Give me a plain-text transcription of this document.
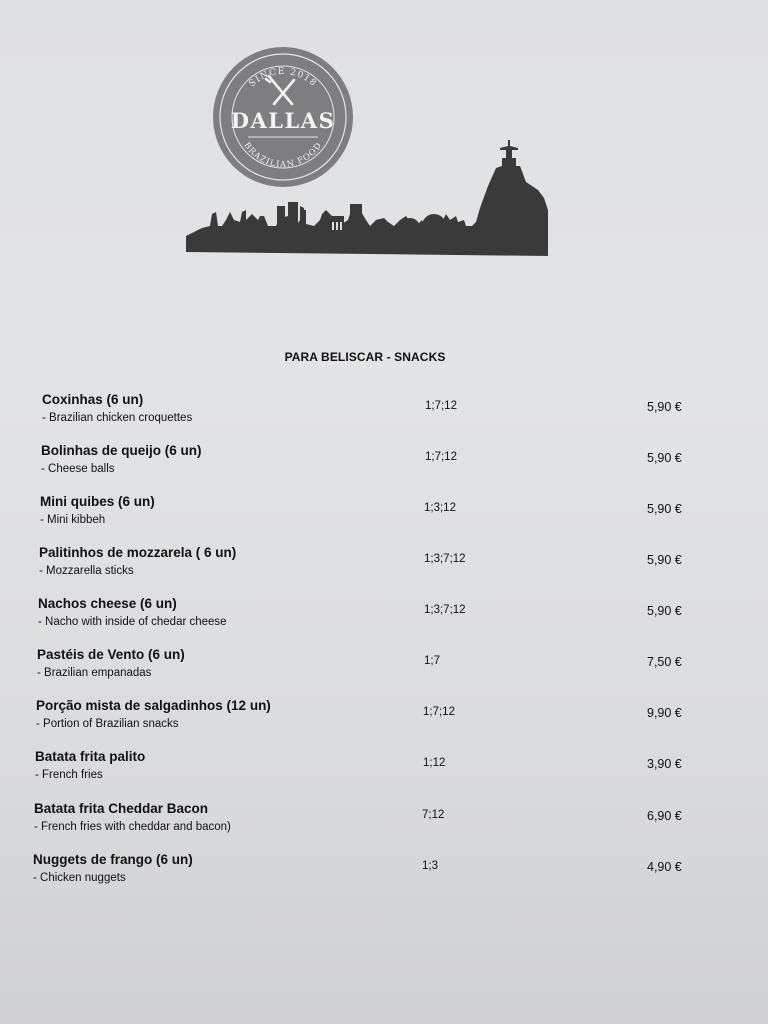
SINCE 2018
BRAZILIAN FOOD
DALLAS
PARA BELISCAR - SNACKS
Coxinhas (6 un)
- Brazilian chicken croquettes
1;7;12	5,90 €
Bolinhas de queijo (6 un)
- Cheese balls
1;7;12	5,90 €
Mini quibes (6 un)
- Mini kibbeh
1;3;12	5,90 €
Palitinhos de mozzarela ( 6 un)
- Mozzarella sticks
1;3;7;12	5,90 €
Nachos cheese (6 un)
- Nacho with inside of chedar cheese
1;3;7;12	5,90 €
Pastéis de Vento (6 un)
- Brazilian empanadas
1;7	7,50 €
Porção mista de salgadinhos (12 un)
- Portion of Brazilian snacks
1;7;12	9,90 €
Batata frita palito
- French fries
1;12	3,90 €
Batata frita Cheddar Bacon
- French fries with cheddar and bacon)
7;12	6,90 €
Nuggets de frango (6 un)
- Chicken nuggets
1;3	4,90 €
